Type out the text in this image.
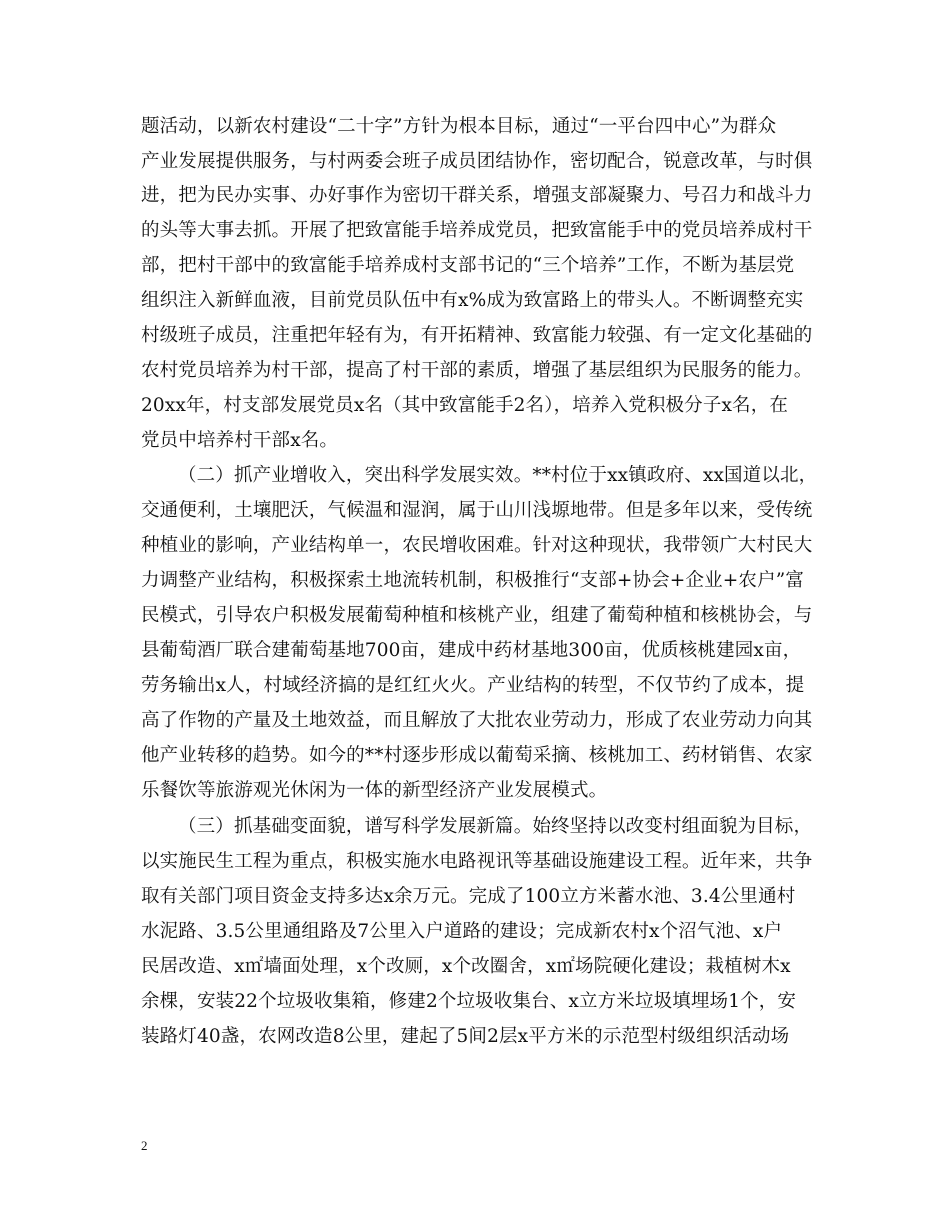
题活动，以新农村建设“二十字”方针为根本目标，通过“一平台四中心”为群众
产业发展提供服务，与村两委会班子成员团结协作，密切配合，锐意改革，与时俱
进，把为民办实事、办好事作为密切干群关系，增强支部凝聚力、号召力和战斗力
的头等大事去抓。开展了把致富能手培养成党员，把致富能手中的党员培养成村干
部，把村干部中的致富能手培养成村支部书记的“三个培养”工作，不断为基层党
组织注入新鲜血液，目前党员队伍中有x%成为致富路上的带头人。不断调整充实
村级班子成员，注重把年轻有为，有开拓精神、致富能力较强、有一定文化基础的
农村党员培养为村干部，提高了村干部的素质，增强了基层组织为民服务的能力。
20xx年，村支部发展党员x名（其中致富能手2名），培养入党积极分子x名，在
党员中培养村干部x名。
（二）抓产业增收入，突出科学发展实效。**村位于xx镇政府、xx国道以北，
交通便利，土壤肥沃，气候温和湿润，属于山川浅塬地带。但是多年以来，受传统
种植业的影响，产业结构单一，农民增收困难。针对这种现状，我带领广大村民大
力调整产业结构，积极探索土地流转机制，积极推行“支部+协会+企业+农户”富
民模式，引导农户积极发展葡萄种植和核桃产业，组建了葡萄种植和核桃协会，与
县葡萄酒厂联合建葡萄基地700亩，建成中药材基地300亩，优质核桃建园x亩，
劳务输出x人，村域经济搞的是红红火火。产业结构的转型，不仅节约了成本，提
高了作物的产量及土地效益，而且解放了大批农业劳动力，形成了农业劳动力向其
他产业转移的趋势。如今的**村逐步形成以葡萄采摘、核桃加工、药材销售、农家
乐餐饮等旅游观光休闲为一体的新型经济产业发展模式。
（三）抓基础变面貌，谱写科学发展新篇。始终坚持以改变村组面貌为目标，
以实施民生工程为重点，积极实施水电路视讯等基础设施建设工程。近年来，共争
取有关部门项目资金支持多达x余万元。完成了100立方米蓄水池、3.4公里通村
水泥路、3.5公里通组路及7公里入户道路的建设；完成新农村x个沼气池、x户
民居改造、x㎡墙面处理，x个改厕，x个改圈舍，x㎡场院硬化建设；栽植树木x
余棵，安装22个垃圾收集箱，修建2个垃圾收集台、x立方米垃圾填埋场1个，安
装路灯40盏，农网改造8公里，建起了5间2层x平方米的示范型村级组织活动场
2
